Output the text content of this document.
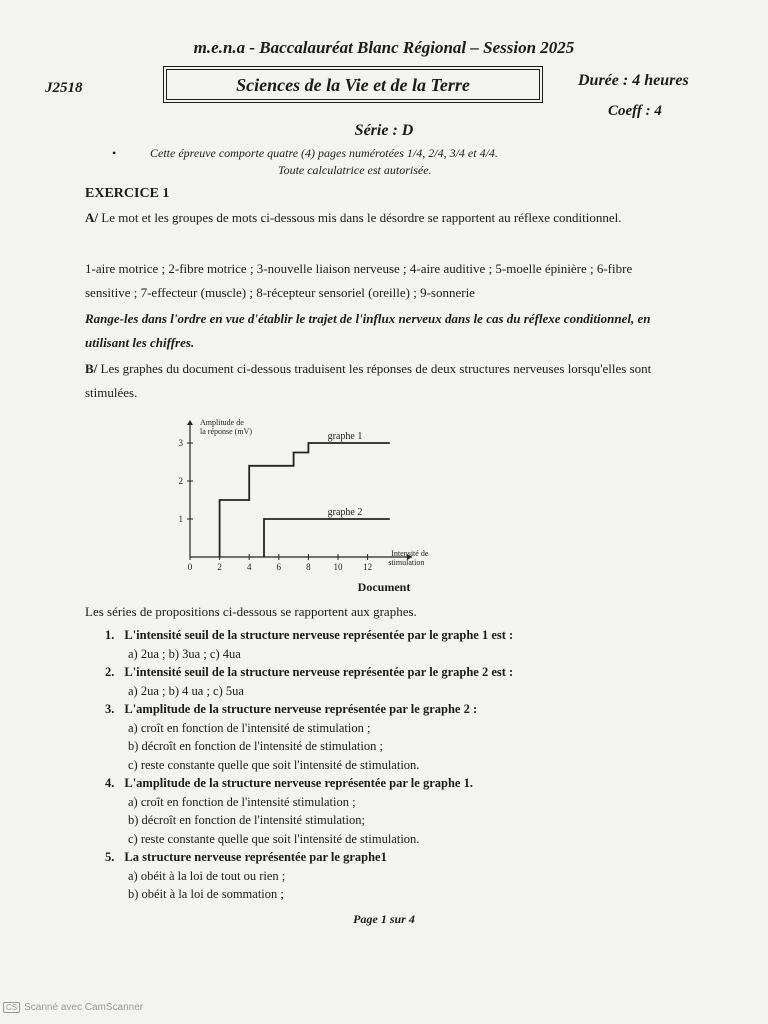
m.e.n.a - Baccalauréat Blanc Régional – Session 2025
J2518	Sciences de la Vie et de la Terre	Durée : 4 heures
Coeff : 4
Série : D
•	Cette épreuve comporte quatre (4) pages numérotées 1/4, 2/4, 3/4 et 4/4.
Toute calculatrice est autorisée.
EXERCICE 1
A/ Le mot et les groupes de mots ci-dessous mis dans le désordre se rapportent au réflexe conditionnel.
1-aire motrice ; 2-fibre motrice ; 3-nouvelle liaison nerveuse ; 4-aire auditive ; 5-moelle épinière ; 6-fibre sensitive ; 7-effecteur (muscle) ; 8-récepteur sensoriel (oreille) ; 9-sonnerie
Range-les dans l'ordre en vue d'établir le trajet de l'influx nerveux dans le cas du réflexe conditionnel, en utilisant les chiffres.
B/ Les graphes du document ci-dessous traduisent les réponses de deux structures nerveuses lorsqu'elles sont stimulées.
0	2	4	6	8	10 12
1
2
3
Amplitude de
la réponse (mV)
Intensité de
stimulation
graphe 1
graphe 2
Document
Les séries de propositions ci-dessous se rapportent aux graphes.
1. L'intensité seuil de la structure nerveuse représentée par le graphe 1 est :
a) 2ua ; b) 3ua ; c) 4ua
2. L'intensité seuil de la structure nerveuse représentée par le graphe 2 est :
a) 2ua ; b) 4 ua ; c) 5ua
3. L'amplitude de la structure nerveuse représentée par le graphe 2 :
a) croît en fonction de l'intensité de stimulation ;
b) décroît en fonction de l'intensité de stimulation ;
c) reste constante quelle que soit l'intensité de stimulation.
4. L'amplitude de la structure nerveuse représentée par le graphe 1.
a) croît en fonction de l'intensité stimulation ;
b) décroît en fonction de l'intensité stimulation;
c) reste constante quelle que soit l'intensité de stimulation.
5. La structure nerveuse représentée par le graphe1
a) obéit à la loi de tout ou rien ;
b) obéit à la loi de sommation ;
Page 1 sur 4
CS Scanné avec CamScanner
